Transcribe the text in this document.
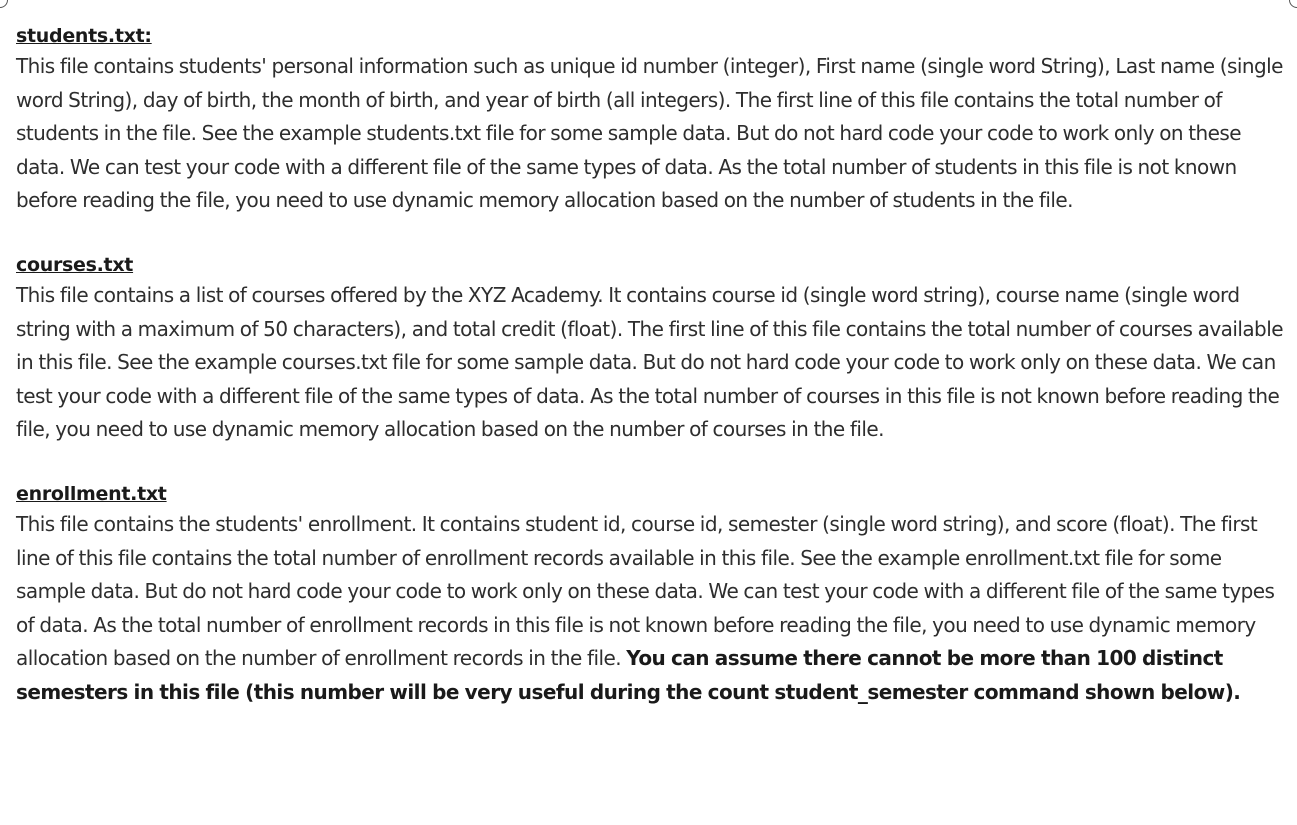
students.txt:

This file contains students' personal information such as unique id number (integer), First name (single word String), Last name (single word String), day of birth, the month of birth, and year of birth (all integers). The first line of this file contains the total number of students in the file. See the example students.txt file for some sample data. But do not hard code your code to work only on these data. We can test your code with a different file of the same types of data. As the total number of students in this file is not known before reading the file, you need to use dynamic memory allocation based on the number of students in the file.

courses.txt

This file contains a list of courses offered by the XYZ Academy. It contains course id (single word string), course name (single word string with a maximum of 50 characters), and total credit (float). The first line of this file contains the total number of courses available in this file. See the example courses.txt file for some sample data. But do not hard code your code to work only on these data. We can test your code with a different file of the same types of data. As the total number of courses in this file is not known before reading the file, you need to use dynamic memory allocation based on the number of courses in the file.

enrollment.txt

This file contains the students' enrollment. It contains student id, course id, semester (single word string), and score (float). The first line of this file contains the total number of enrollment records available in this file. See the example enrollment.txt file for some sample data. But do not hard code your code to work only on these data. We can test your code with a different file of the same types of data. As the total number of enrollment records in this file is not known before reading the file, you need to use dynamic memory allocation based on the number of enrollment records in the file. You can assume there cannot be more than 100 distinct semesters in this file (this number will be very useful during the count student_semester command shown below).
